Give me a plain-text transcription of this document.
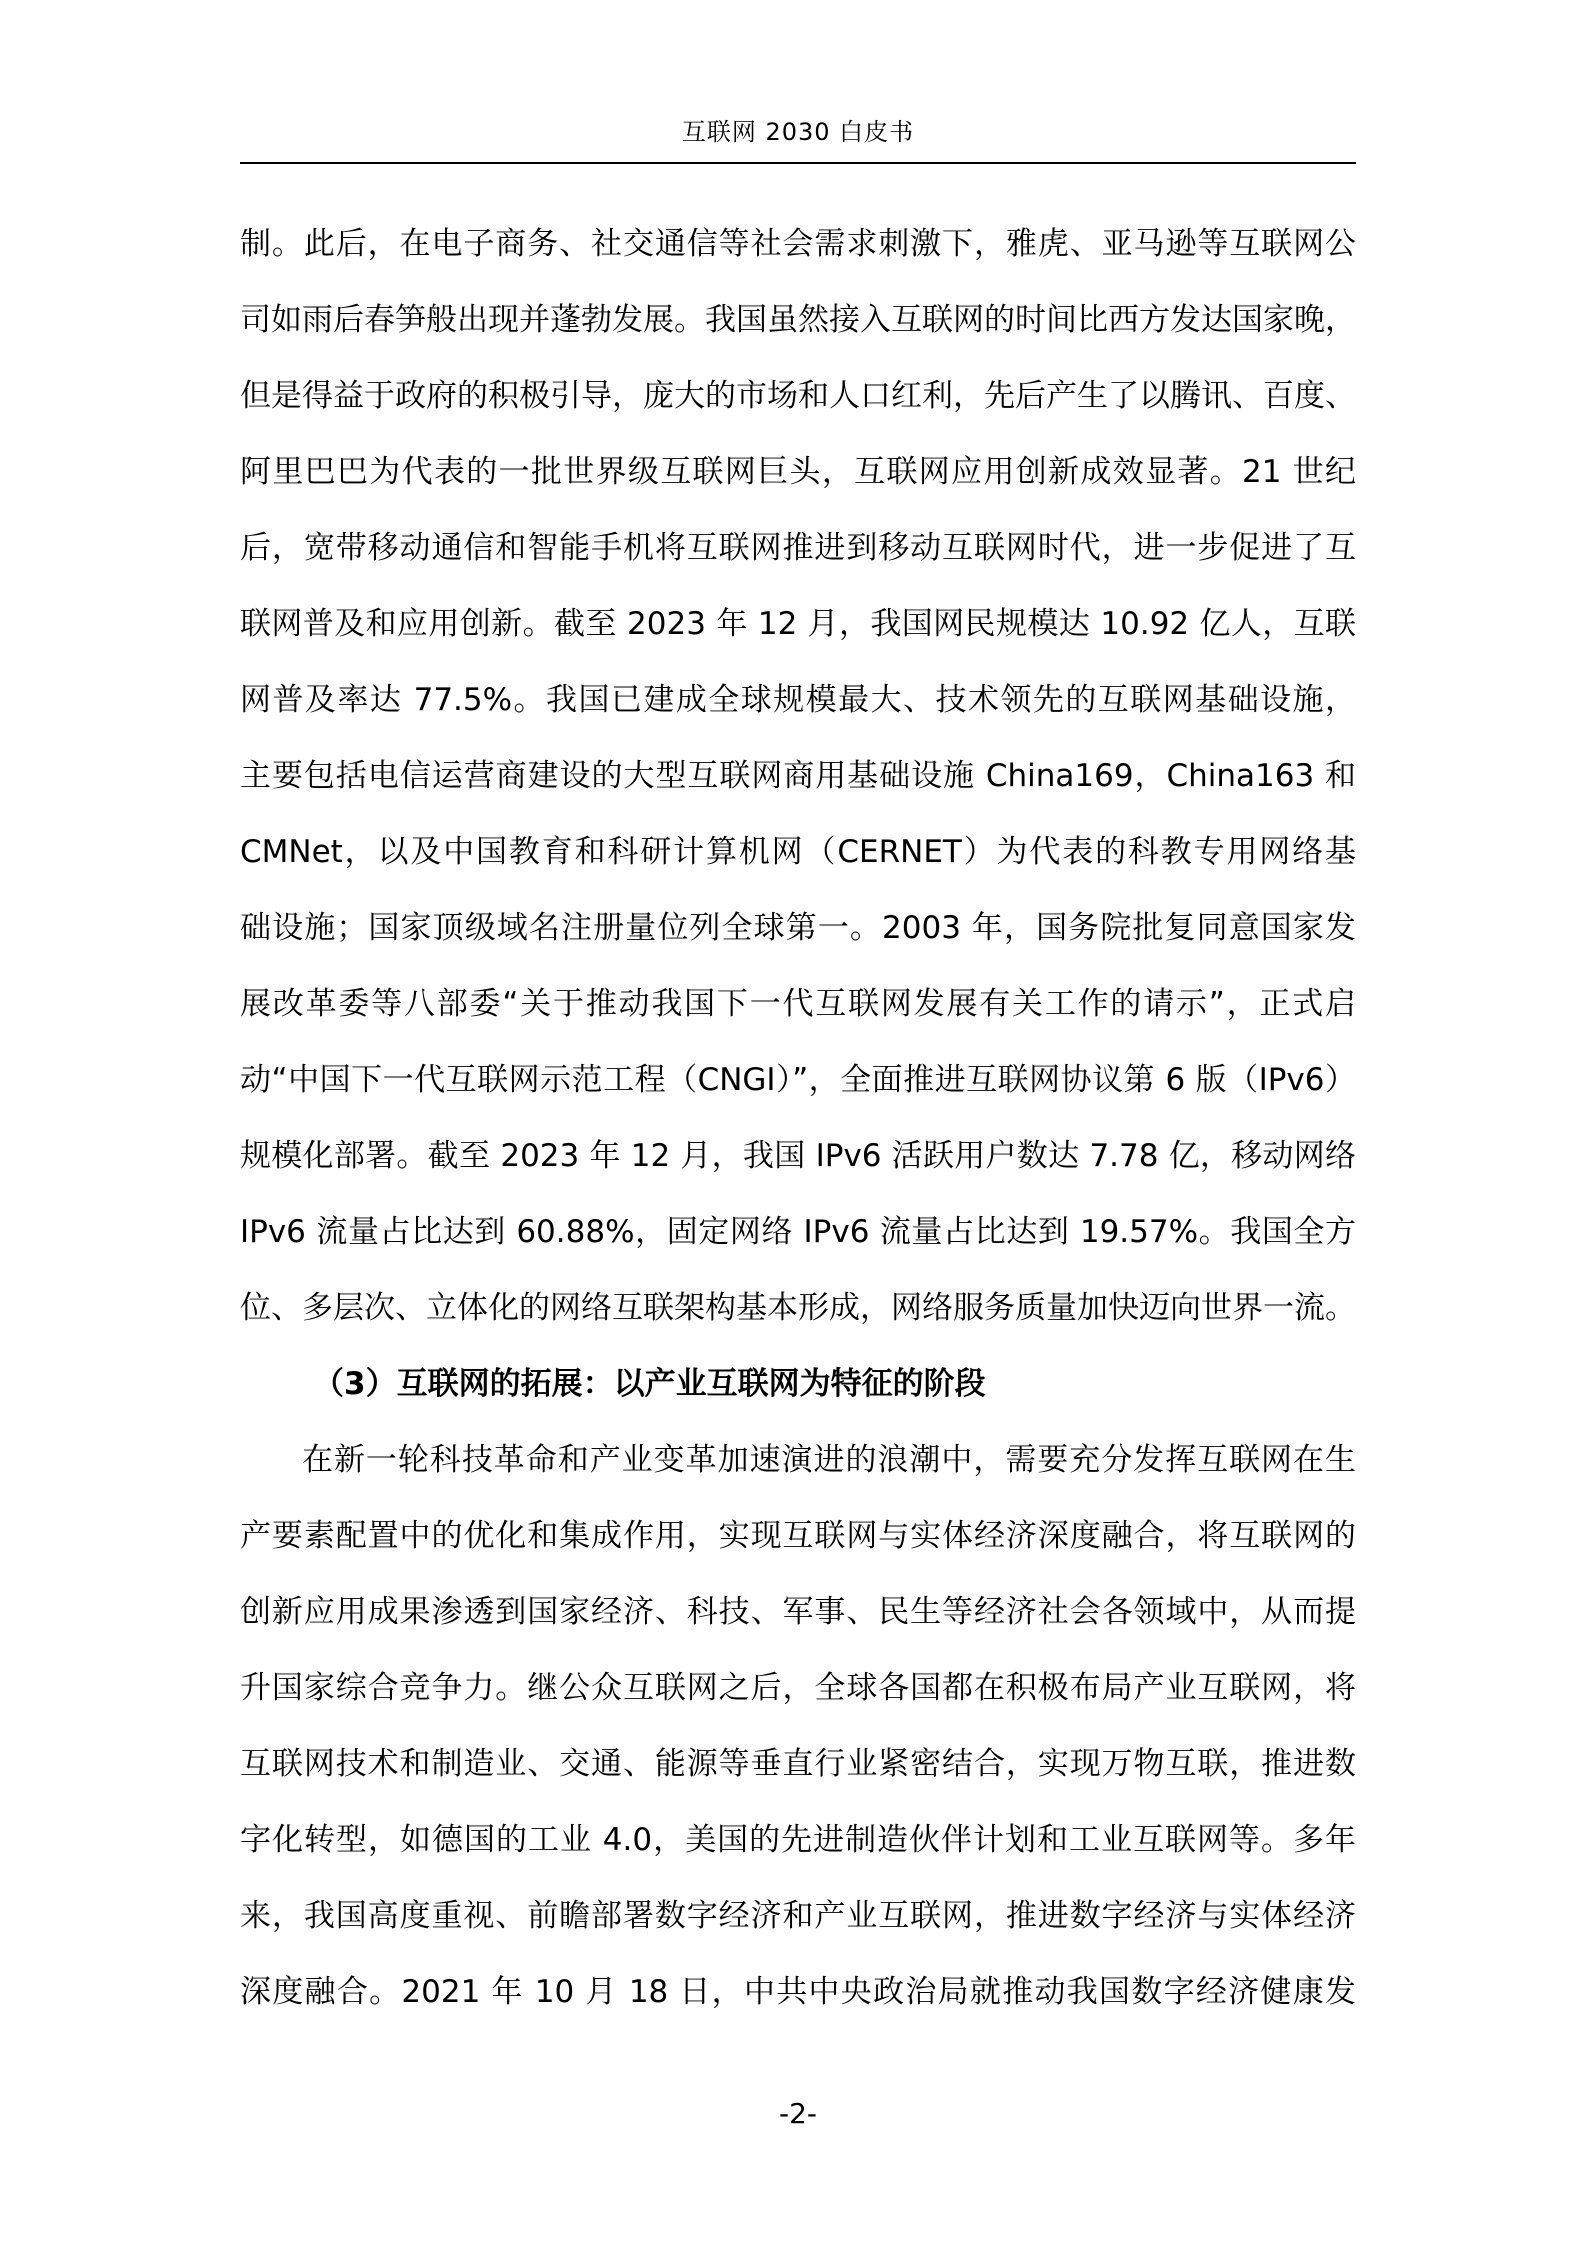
互联网 2030 白皮书
制。此后，在电子商务、社交通信等社会需求刺激下，雅虎、亚马逊等互联网公
司如雨后春笋般出现并蓬勃发展。我国虽然接入互联网的时间比西方发达国家晚，
但是得益于政府的积极引导，庞大的市场和人口红利，先后产生了以腾讯、百度、
阿里巴巴为代表的一批世界级互联网巨头，互联网应用创新成效显著。21 世纪
后，宽带移动通信和智能手机将互联网推进到移动互联网时代，进一步促进了互
联网普及和应用创新。截至 2023 年 12 月，我国网民规模达 10.92 亿人，互联
网普及率达 77.5%。我国已建成全球规模最大、技术领先的互联网基础设施，
主要包括电信运营商建设的大型互联网商用基础设施 China169，China163 和
CMNet，以及中国教育和科研计算机网（CERNET）为代表的科教专用网络基
础设施；国家顶级域名注册量位列全球第一。2003 年，国务院批复同意国家发
展改革委等八部委“关于推动我国下一代互联网发展有关工作的请示”，正式启
动“中国下一代互联网示范工程（CNGI）”，全面推进互联网协议第 6 版（IPv6）
规模化部署。截至 2023 年 12 月，我国 IPv6 活跃用户数达 7.78 亿，移动网络
IPv6 流量占比达到 60.88%，固定网络 IPv6 流量占比达到 19.57%。我国全方
位、多层次、立体化的网络互联架构基本形成，网络服务质量加快迈向世界一流。
（3）互联网的拓展：以产业互联网为特征的阶段
在新一轮科技革命和产业变革加速演进的浪潮中，需要充分发挥互联网在生
产要素配置中的优化和集成作用，实现互联网与实体经济深度融合，将互联网的
创新应用成果渗透到国家经济、科技、军事、民生等经济社会各领域中，从而提
升国家综合竞争力。继公众互联网之后，全球各国都在积极布局产业互联网，将
互联网技术和制造业、交通、能源等垂直行业紧密结合，实现万物互联，推进数
字化转型，如德国的工业 4.0，美国的先进制造伙伴计划和工业互联网等。多年
来，我国高度重视、前瞻部署数字经济和产业互联网，推进数字经济与实体经济
深度融合。2021 年 10 月 18 日，中共中央政治局就推动我国数字经济健康发
-2-
